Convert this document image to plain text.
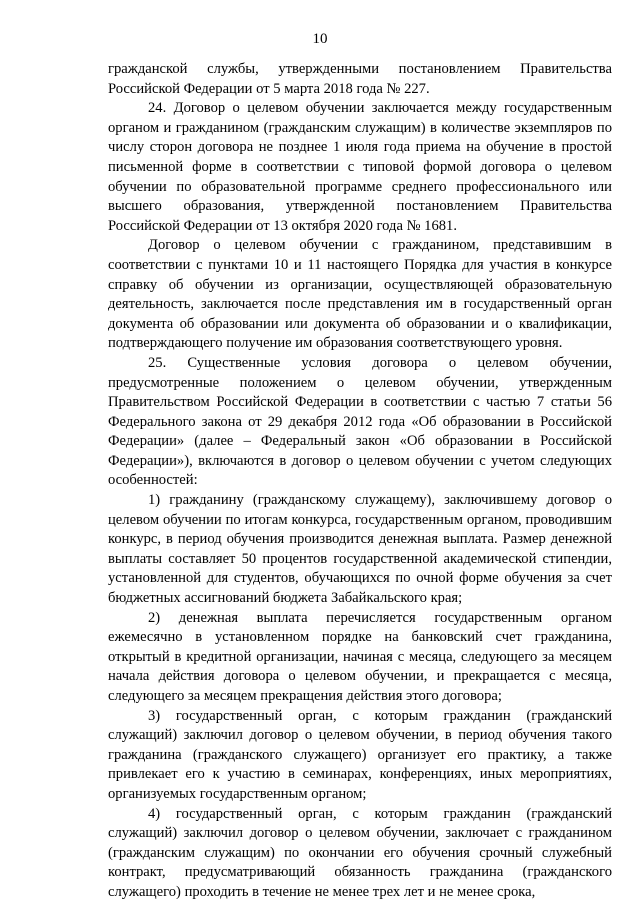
10

гражданской службы, утвержденными постановлением Правительства Российской Федерации от 5 марта 2018 года № 227.

24. Договор о целевом обучении заключается между государственным органом и гражданином (гражданским служащим) в количестве экземпляров по числу сторон договора не позднее 1 июля года приема на обучение в простой письменной форме в соответствии с типовой формой договора о целевом обучении по образовательной программе среднего профессионального или высшего образования, утвержденной постановлением Правительства Российской Федерации от 13 октября 2020 года № 1681.

Договор о целевом обучении с гражданином, представившим в соответствии с пунктами 10 и 11 настоящего Порядка для участия в конкурсе справку об обучении из организации, осуществляющей образовательную деятельность, заключается после представления им в государственный орган документа об образовании или документа об образовании и о квалификации, подтверждающего получение им образования соответствующего уровня.

25. Существенные условия договора о целевом обучении, предусмотренные положением о целевом обучении, утвержденным Правительством Российской Федерации в соответствии с частью 7 статьи 56 Федерального закона от 29 декабря 2012 года «Об образовании в Российской Федерации» (далее – Федеральный закон «Об образовании в Российской Федерации»), включаются в договор о целевом обучении с учетом следующих особенностей:

1) гражданину (гражданскому служащему), заключившему договор о целевом обучении по итогам конкурса, государственным органом, проводившим конкурс, в период обучения производится денежная выплата. Размер денежной выплаты составляет 50 процентов государственной академической стипендии, установленной для студентов, обучающихся по очной форме обучения за счет бюджетных ассигнований бюджета Забайкальского края;

2) денежная выплата перечисляется государственным органом ежемесячно в установленном порядке на банковский счет гражданина, открытый в кредитной организации, начиная с месяца, следующего за месяцем начала действия договора о целевом обучении, и прекращается с месяца, следующего за месяцем прекращения действия этого договора;

3) государственный орган, с которым гражданин (гражданский служащий) заключил договор о целевом обучении, в период обучения такого гражданина (гражданского служащего) организует его практику, а также привлекает его к участию в семинарах, конференциях, иных мероприятиях, организуемых государственным органом;

4) государственный орган, с которым гражданин (гражданский служащий) заключил договор о целевом обучении, заключает с гражданином (гражданским служащим) по окончании его обучения срочный служебный контракт, предусматривающий обязанность гражданина (гражданского служащего) проходить в течение не менее трех лет и не менее срока,
